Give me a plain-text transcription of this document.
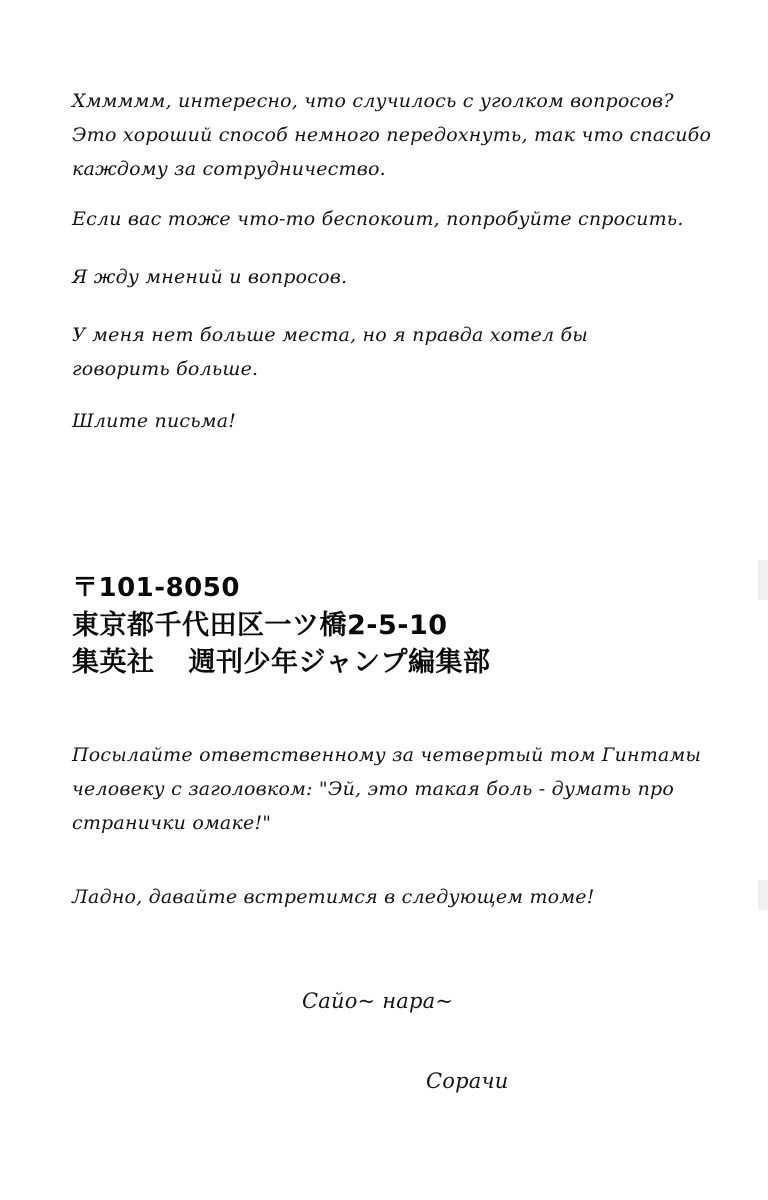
Хммммм, интересно, что случилось с уголком вопросов?
Это хороший способ немного передохнуть, так что спасибо
каждому за сотрудничество.
Если вас тоже что-то беспокоит, попробуйте спросить.
Я жду мнений и вопросов.
У меня нет больше места, но я правда хотел бы
говорить больше.
Шлите письма!
〒101-8050
東京都千代田区一ツ橋2-5-10
集英社 週刊少年ジャンプ編集部
Посылайте ответственному за четвертый том Гинтамы
человеку с заголовком: "Эй, это такая боль - думать про
странички омаке!"
Ладно, давайте встретимся в следующем томе!
Сайо~ нара~
Сорачи
